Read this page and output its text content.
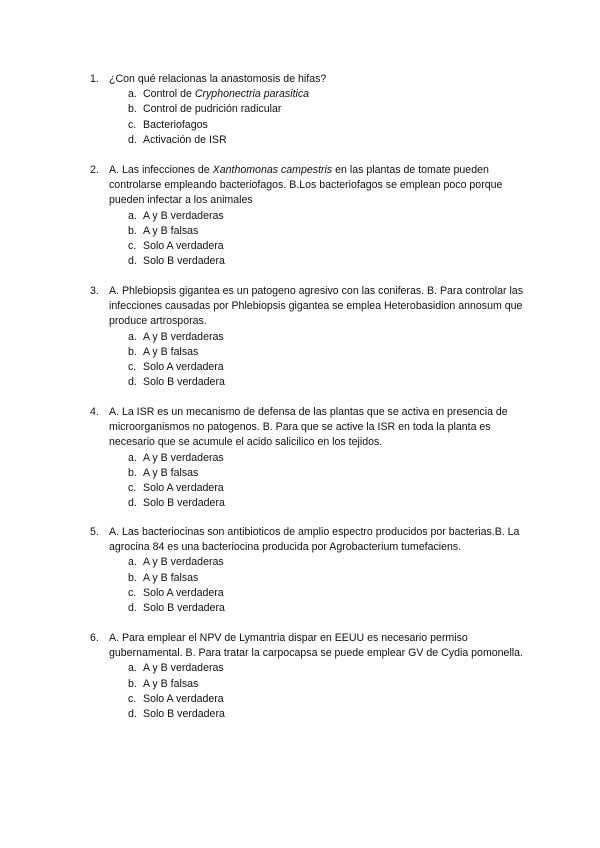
1. ¿Con qué relacionas la anastomosis de hifas?
a. Control de Cryphonectria parasitica
b. Control de pudrición radicular
c. Bacteriofagos
d. Activación de ISR
2. A. Las infecciones de Xanthomonas campestris en las plantas de tomate pueden controlarse empleando bacteriofagos. B.Los bacteriofagos se emplean poco porque pueden infectar a los animales
a. A y B verdaderas
b. A y B falsas
c. Solo A verdadera
d. Solo B verdadera
3. A. Phlebiopsis gigantea es un patogeno agresivo con las coniferas. B. Para controlar las infecciones causadas por Phlebiopsis gigantea se emplea Heterobasidion annosum que produce artrosporas.
a. A y B verdaderas
b. A y B falsas
c. Solo A verdadera
d. Solo B verdadera
4. A. La ISR es un mecanismo de defensa de las plantas que se activa en presencia de microorganismos no patogenos. B. Para que se active la ISR en toda la planta es necesario que se acumule el acido salicilico en los tejidos.
a. A y B verdaderas
b. A y B falsas
c. Solo A verdadera
d. Solo B verdadera
5. A. Las bacteriocinas son antibioticos de amplio espectro producidos por bacterias.B. La agrocina 84 es una bacteriocina producida por Agrobacterium tumefaciens.
a. A y B verdaderas
b. A y B falsas
c. Solo A verdadera
d. Solo B verdadera
6. A. Para emplear el NPV de Lymantria dispar en EEUU es necesario permiso gubernamental. B. Para tratar la carpocapsa se puede emplear GV de Cydia pomonella.
a. A y B verdaderas
b. A y B falsas
c. Solo A verdadera
d. Solo B verdadera
